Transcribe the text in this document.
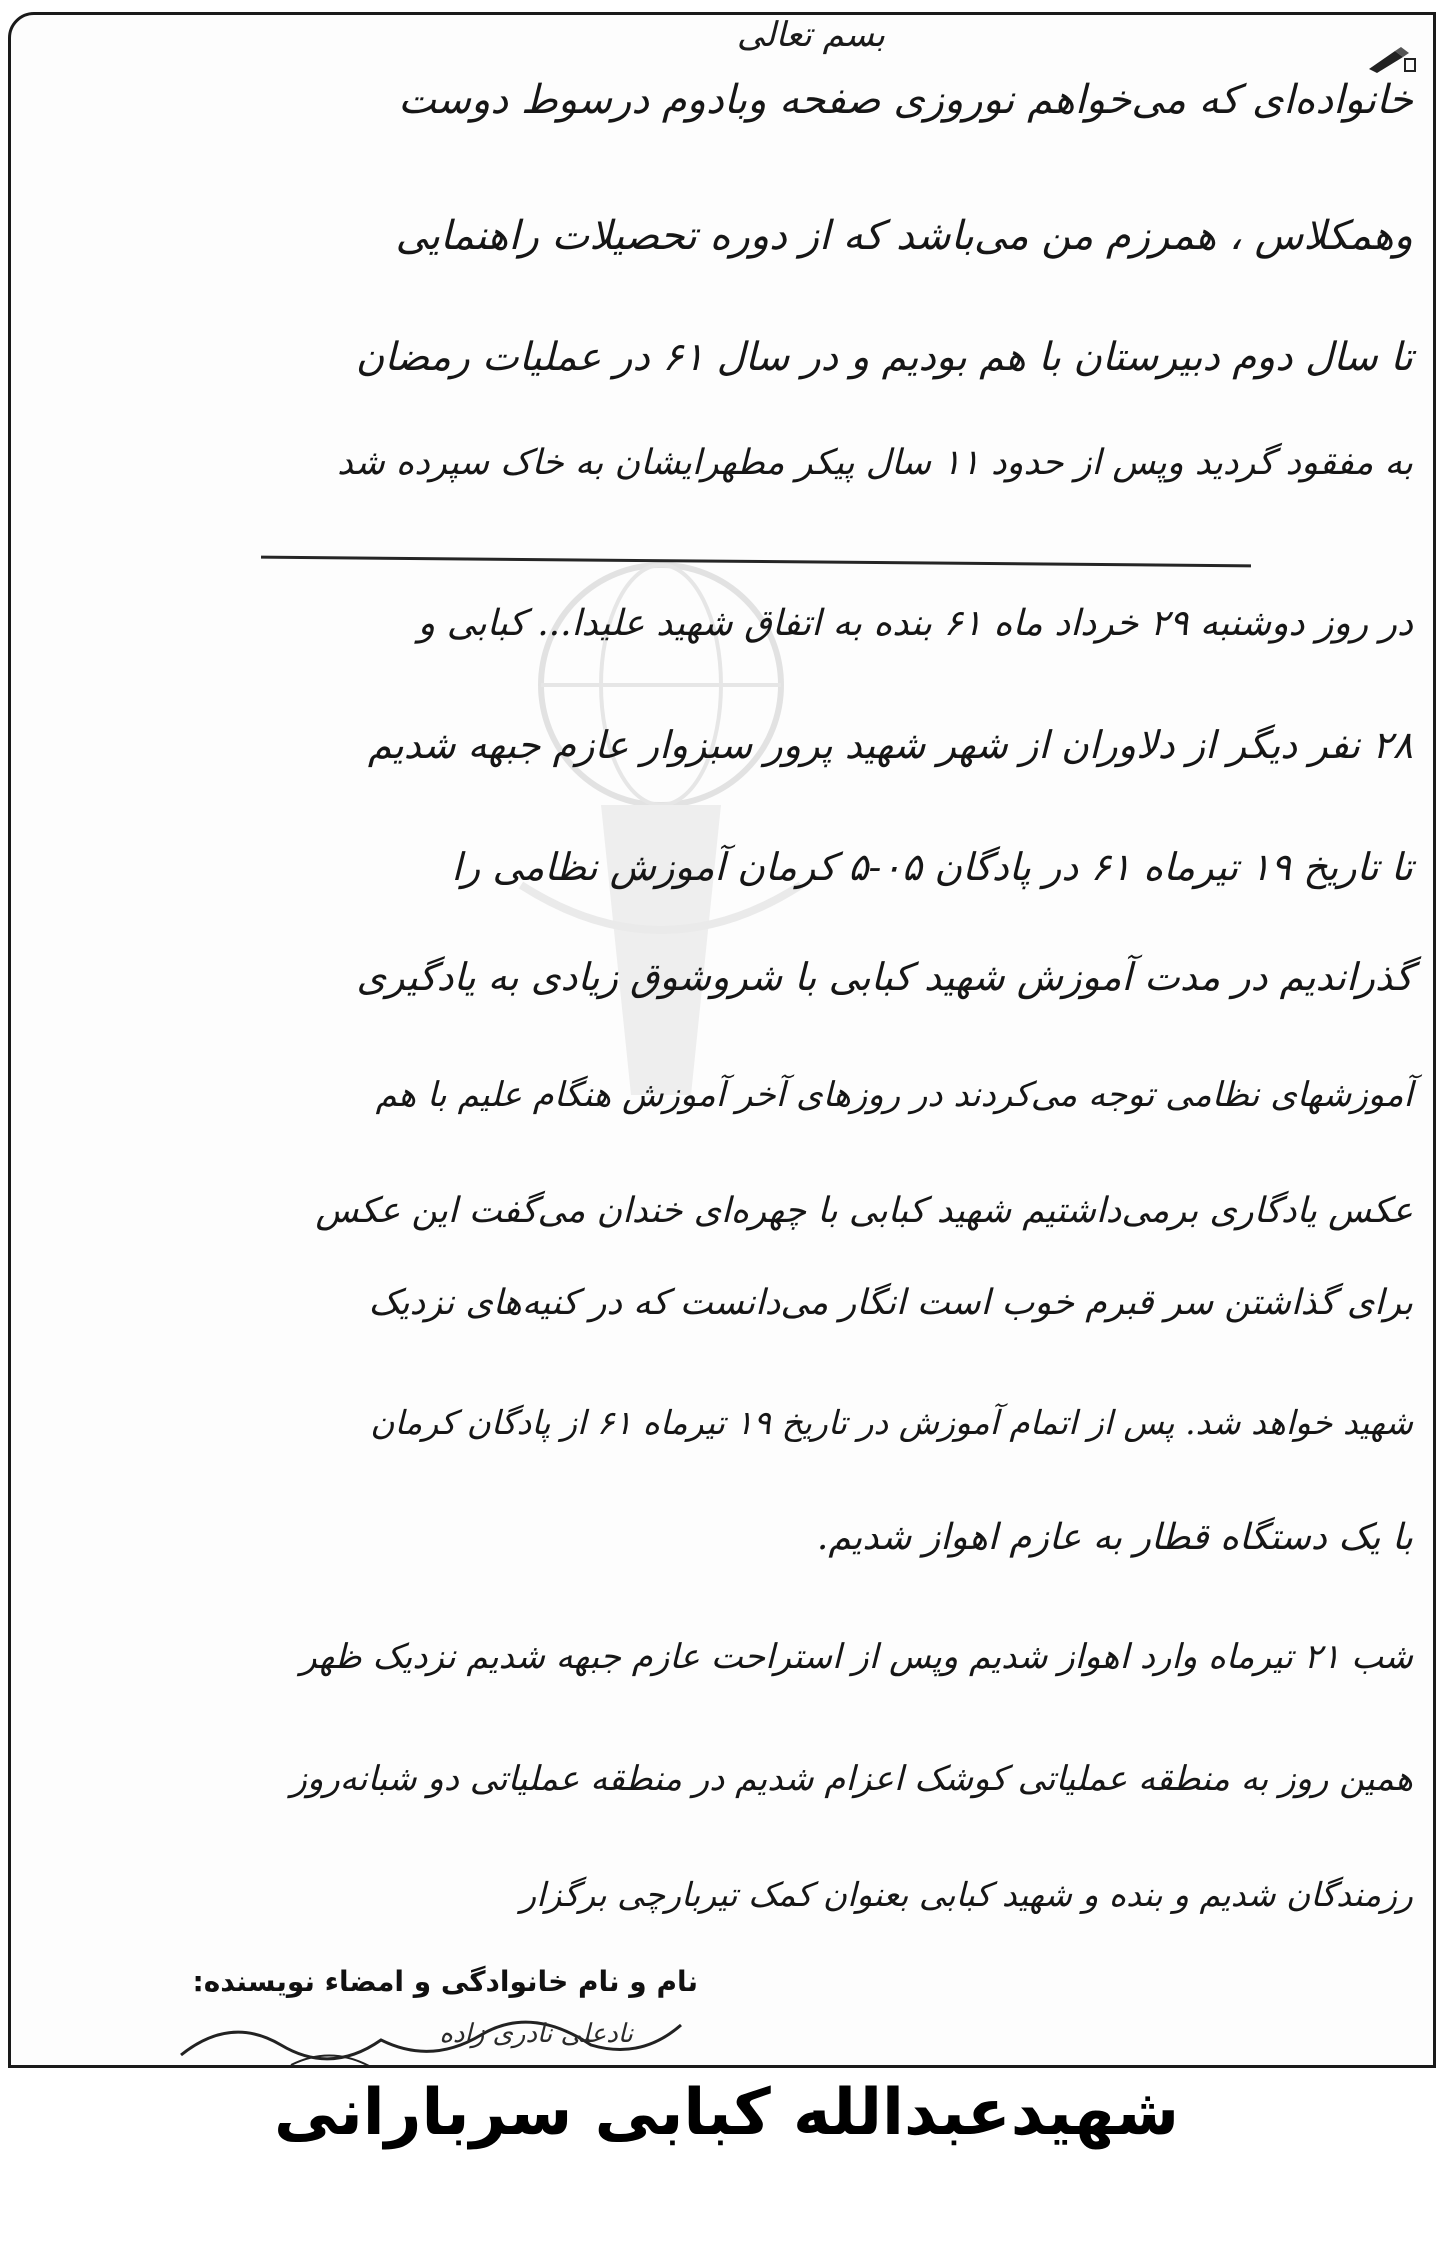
بسم تعالی
خانواده‌ای که می‌خواهم نوروزی صفحه وبادوم درسوط دوست
وهمکلاس ، همرزم من می‌باشد که از دوره تحصیلات راهنمایی
تا سال دوم دبیرستان با هم بودیم و در سال ۶۱ در عملیات رمضان
به مفقود گردید وپس از حدود ۱۱ سال پیکر مطهرایشان به خاک سپرده شد
در روز دوشنبه ۲۹ خرداد ماه ۶۱ بنده به اتفاق شهید علیدا... کبابی و
۲۸ نفر دیگر از دلاوران از شهر شهید پرور سبزوار عازم جبهه شدیم
تا تاریخ ۱۹ تیرماه ۶۱ در پادگان ۰۵-۵ کرمان آموزش نظامی را
گذراندیم در مدت آموزش شهید کبابی با شروشوق زیادی به یادگیری
آموزشهای نظامی توجه می‌کردند در روزهای آخر آموزش هنگام علیم با هم
عکس یادگاری برمی‌داشتیم شهید کبابی با چهره‌ای خندان می‌گفت این عکس
برای گذاشتن سر قبرم خوب است انگار می‌دانست که در کنیه‌های نزدیک
شهید خواهد شد. پس از اتمام آموزش در تاریخ ۱۹ تیرماه ۶۱ از پادگان کرمان
با یک دستگاه قطار به عازم اهواز شدیم.
شب ۲۱ تیرماه وارد اهواز شدیم وپس از استراحت عازم جبهه شدیم نزدیک ظهر
همین روز به منطقه عملیاتی کوشک اعزام شدیم در منطقه عملیاتی دو شبانه‌روز
رزمندگان شدیم و بنده و شهید کبابی بعنوان کمک تیربارچی برگزار
نام و نام خانوادگی و امضاء نویسنده:
نادعلی نادری زاده
شهیدعبدالله کبابی سربارانی
